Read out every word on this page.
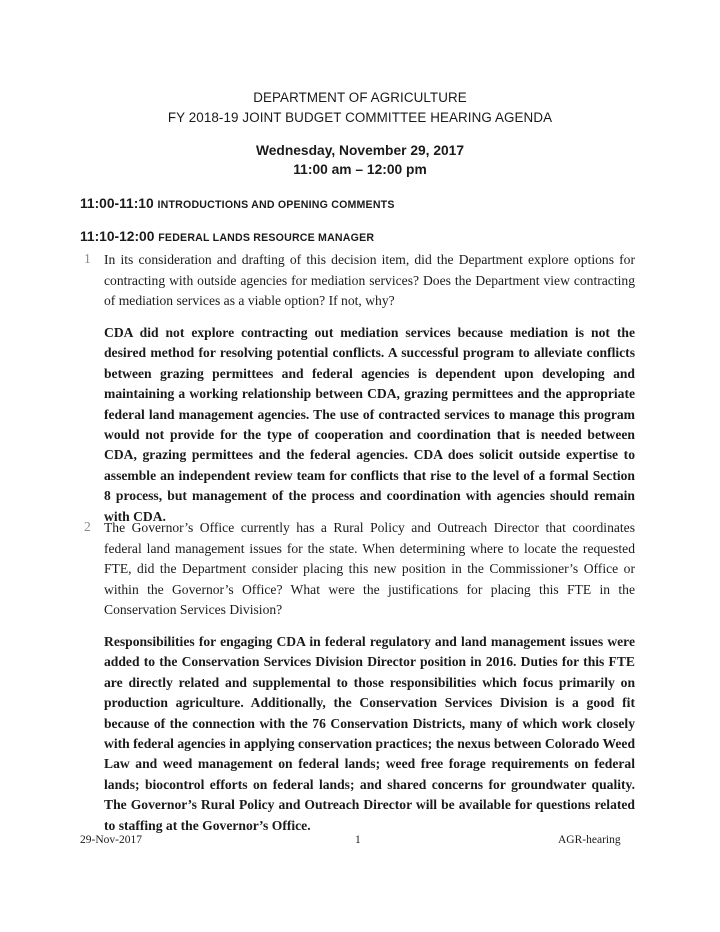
DEPARTMENT OF AGRICULTURE
FY 2018-19 JOINT BUDGET COMMITTEE HEARING AGENDA
Wednesday, November 29, 2017
11:00 am – 12:00 pm
11:00-11:10 INTRODUCTIONS AND OPENING COMMENTS
11:10-12:00 FEDERAL LANDS RESOURCE MANAGER
1 In its consideration and drafting of this decision item, did the Department explore options for contracting with outside agencies for mediation services? Does the Department view contracting of mediation services as a viable option? If not, why?
CDA did not explore contracting out mediation services because mediation is not the desired method for resolving potential conflicts. A successful program to alleviate conflicts between grazing permittees and federal agencies is dependent upon developing and maintaining a working relationship between CDA, grazing permittees and the appropriate federal land management agencies. The use of contracted services to manage this program would not provide for the type of cooperation and coordination that is needed between CDA, grazing permittees and the federal agencies. CDA does solicit outside expertise to assemble an independent review team for conflicts that rise to the level of a formal Section 8 process, but management of the process and coordination with agencies should remain with CDA.
2 The Governor’s Office currently has a Rural Policy and Outreach Director that coordinates federal land management issues for the state. When determining where to locate the requested FTE, did the Department consider placing this new position in the Commissioner’s Office or within the Governor’s Office? What were the justifications for placing this FTE in the Conservation Services Division?
Responsibilities for engaging CDA in federal regulatory and land management issues were added to the Conservation Services Division Director position in 2016. Duties for this FTE are directly related and supplemental to those responsibilities which focus primarily on production agriculture. Additionally, the Conservation Services Division is a good fit because of the connection with the 76 Conservation Districts, many of which work closely with federal agencies in applying conservation practices; the nexus between Colorado Weed Law and weed management on federal lands; weed free forage requirements on federal lands; biocontrol efforts on federal lands; and shared concerns for groundwater quality. The Governor’s Rural Policy and Outreach Director will be available for questions related to staffing at the Governor’s Office.
29-Nov-2017	1	AGR-hearing
